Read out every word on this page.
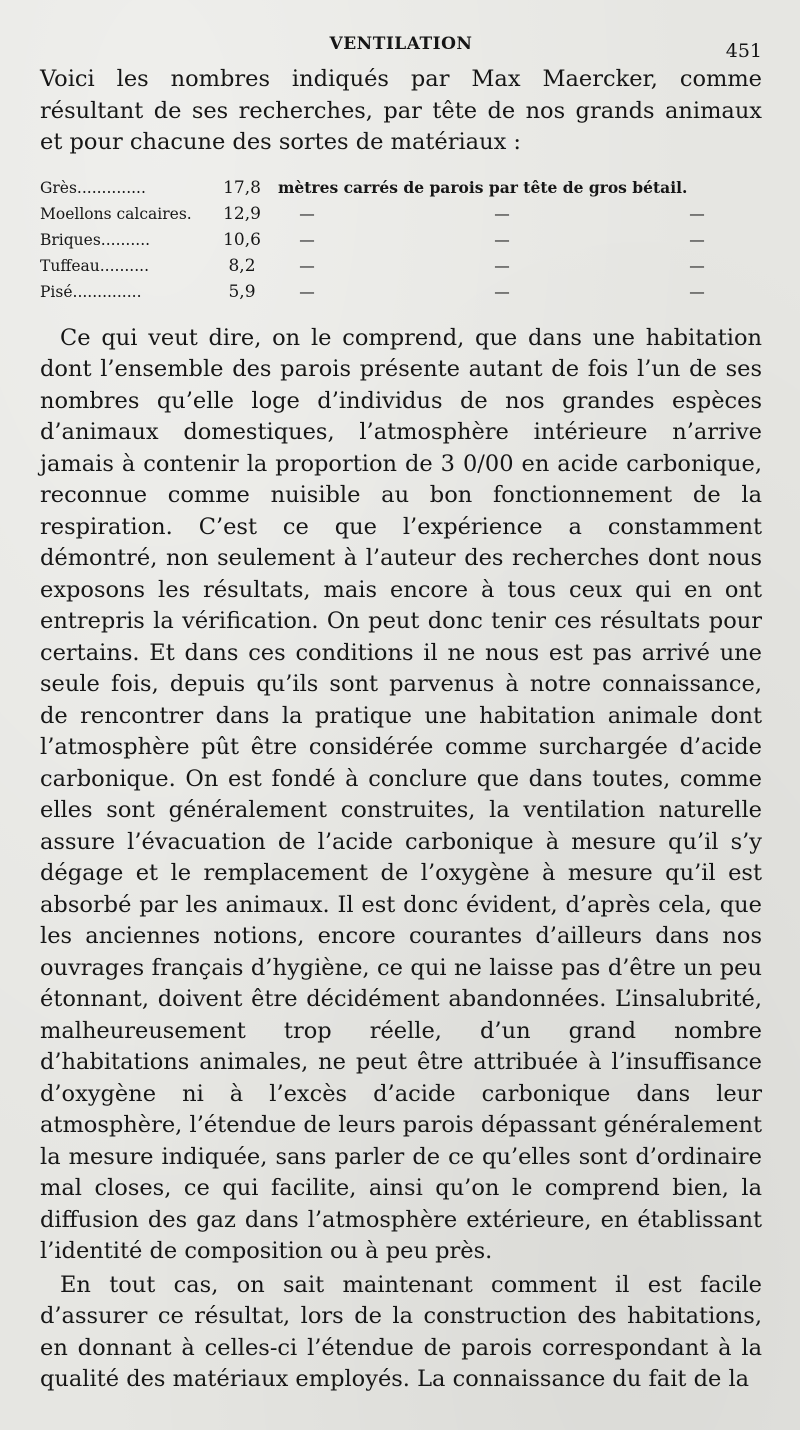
VENTILATION	451

Voici les nombres indiqués par Max Maercker, comme résultant de ses recherches, par tête de nos grands animaux et pour chacune des sortes de matériaux :

Grès..............	17,8	mètres carrés de parois par tête de gros bétail.
Moellons calcaires.	12,9	—	—	—
Briques..........	10,6	—	—	—
Tuffeau..........	8,2	—	—	—
Pisé..............	5,9	—	—	—

Ce qui veut dire, on le comprend, que dans une habitation dont l’ensemble des parois présente autant de fois l’un de ses nombres qu’elle loge d’individus de nos grandes espèces d’animaux domestiques, l’atmosphère intérieure n’arrive jamais à contenir la proportion de 3 0/00 en acide carbonique, reconnue comme nuisible au bon fonctionnement de la respiration. C’est ce que l’expérience a constamment démontré, non seulement à l’auteur des recherches dont nous exposons les résultats, mais encore à tous ceux qui en ont entrepris la vérification. On peut donc tenir ces résultats pour certains. Et dans ces conditions il ne nous est pas arrivé une seule fois, depuis qu’ils sont parvenus à notre connaissance, de rencontrer dans la pratique une habitation animale dont l’atmosphère pût être considérée comme surchargée d’acide carbonique. On est fondé à conclure que dans toutes, comme elles sont généralement construites, la ventilation naturelle assure l’évacuation de l’acide carbonique à mesure qu’il s’y dégage et le remplacement de l’oxygène à mesure qu’il est absorbé par les animaux. Il est donc évident, d’après cela, que les anciennes notions, encore courantes d’ailleurs dans nos ouvrages français d’hygiène, ce qui ne laisse pas d’être un peu étonnant, doivent être décidément abandonnées. L’insalubrité, malheureusement trop réelle, d’un grand nombre d’habitations animales, ne peut être attribuée à l’insuffisance d’oxygène ni à l’excès d’acide carbonique dans leur atmosphère, l’étendue de leurs parois dépassant généralement la mesure indiquée, sans parler de ce qu’elles sont d’ordinaire mal closes, ce qui facilite, ainsi qu’on le comprend bien, la diffusion des gaz dans l’atmosphère extérieure, en établissant l’identité de composition ou à peu près.

En tout cas, on sait maintenant comment il est facile d’assurer ce résultat, lors de la construction des habitations, en donnant à celles-ci l’étendue de parois correspondant à la qualité des matériaux employés. La connaissance du fait de la
